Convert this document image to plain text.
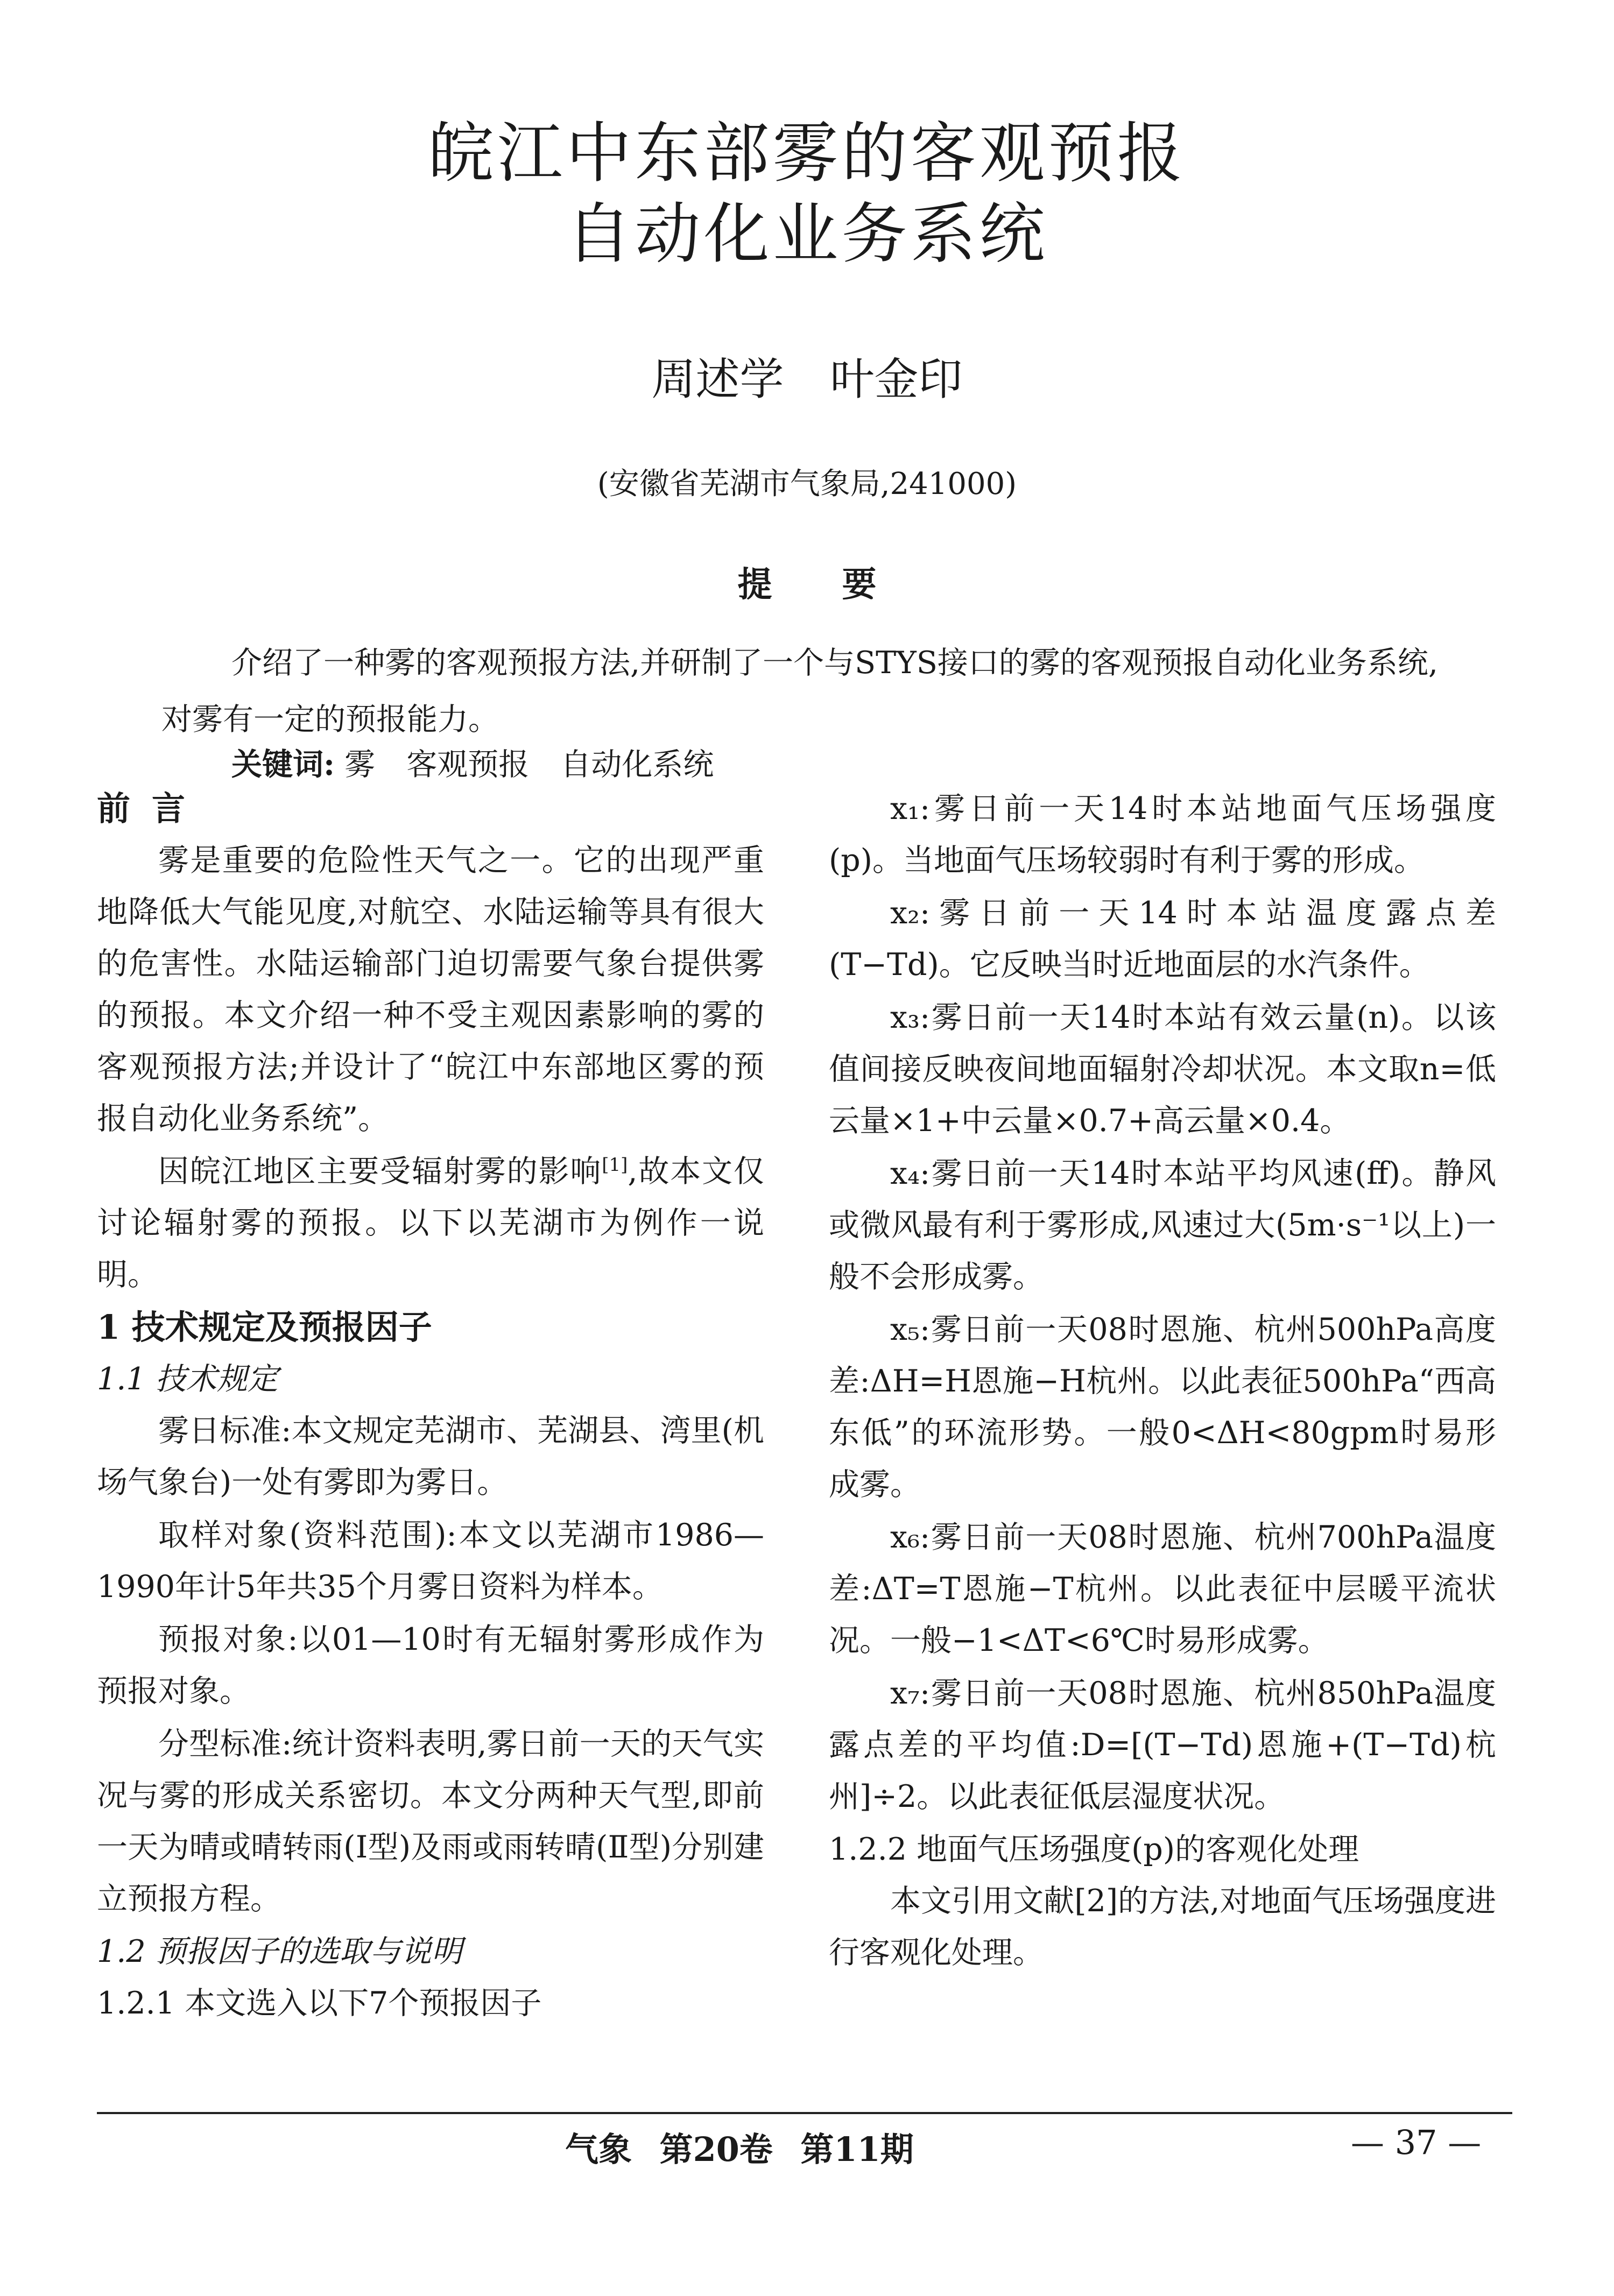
皖江中东部雾的客观预报
自动化业务系统
周述学 叶金印
(安徽省芜湖市气象局,241000)
提要
介绍了一种雾的客观预报方法,并研制了一个与STYS接口的雾的客观预报自动化业务系统,对雾有一定的预报能力。
关键词: 雾 客观预报 自动化系统
前言

雾是重要的危险性天气之一。它的出现严重地降低大气能见度,对航空、水陆运输等具有很大的危害性。水陆运输部门迫切需要气象台提供雾的预报。本文介绍一种不受主观因素影响的雾的客观预报方法;并设计了“皖江中东部地区雾的预报自动化业务系统”。

因皖江地区主要受辐射雾的影响[1],故本文仅讨论辐射雾的预报。以下以芜湖市为例作一说明。

1 技术规定及预报因子
1.1 技术规定

雾日标准:本文规定芜湖市、芜湖县、湾里(机场气象台)一处有雾即为雾日。

取样对象(资料范围):本文以芜湖市1986—1990年计5年共35个月雾日资料为样本。

预报对象:以01—10时有无辐射雾形成作为预报对象。

分型标准:统计资料表明,雾日前一天的天气实况与雾的形成关系密切。本文分两种天气型,即前一天为晴或晴转雨(Ⅰ型)及雨或雨转晴(Ⅱ型)分别建立预报方程。

1.2 预报因子的选取与说明
1.2.1 本文选入以下7个预报因子

x₁:雾日前一天14时本站地面气压场强度(p)。当地面气压场较弱时有利于雾的形成。

x₂:雾日前一天14时本站温度露点差(T−Td)。它反映当时近地面层的水汽条件。

x₃:雾日前一天14时本站有效云量(n)。以该值间接反映夜间地面辐射冷却状况。本文取n=低云量×1+中云量×0.7+高云量×0.4。

x₄:雾日前一天14时本站平均风速(ff)。静风或微风最有利于雾形成,风速过大(5m·s⁻¹以上)一般不会形成雾。

x₅:雾日前一天08时恩施、杭州500hPa高度差:ΔH=H恩施−H杭州。以此表征500hPa“西高东低”的环流形势。一般0<ΔH<80gpm时易形成雾。

x₆:雾日前一天08时恩施、杭州700hPa温度差:ΔT=T恩施−T杭州。以此表征中层暖平流状况。一般−1<ΔT<6℃时易形成雾。

x₇:雾日前一天08时恩施、杭州850hPa温度露点差的平均值:D=[(T−Td)恩施+(T−Td)杭州]÷2。以此表征低层湿度状况。

1.2.2 地面气压场强度(p)的客观化处理

本文引用文献[2]的方法,对地面气压场强度进行客观化处理。

气象 第20卷 第11期	— 37 —
